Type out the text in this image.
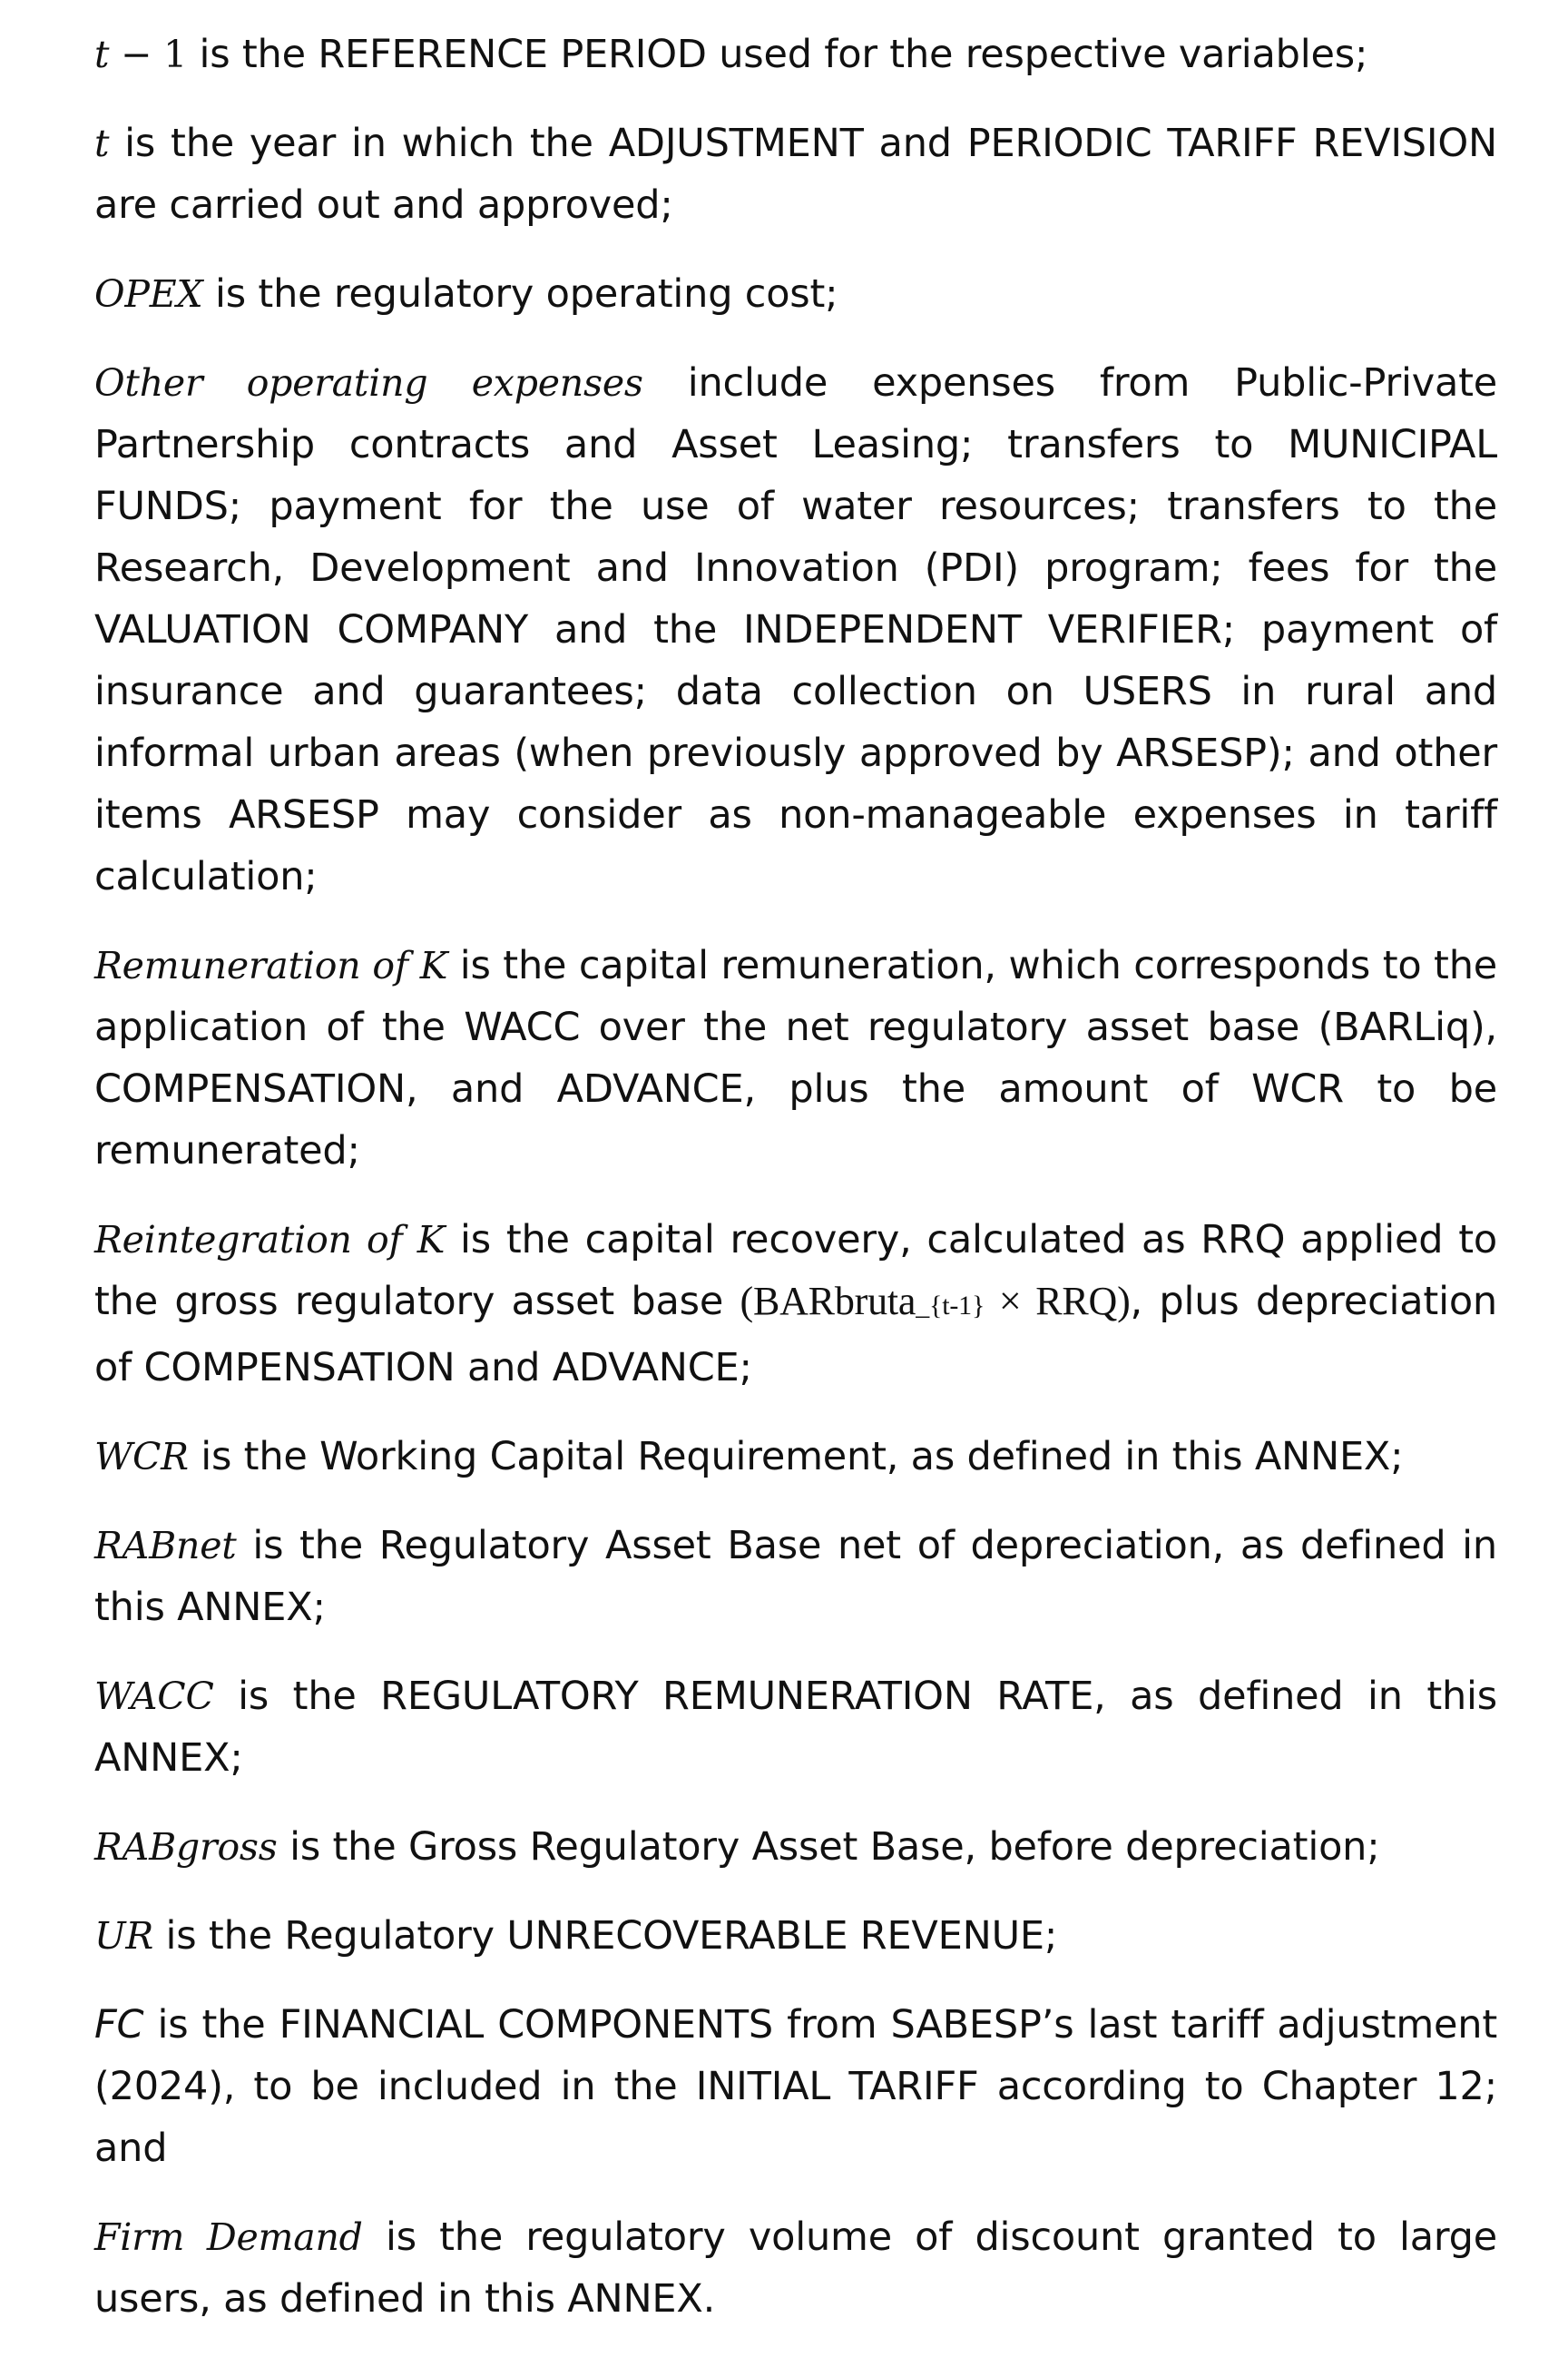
t − 1 is the REFERENCE PERIOD used for the respective variables;

t is the year in which the ADJUSTMENT and PERIODIC TARIFF REVISION are carried out and approved;

OPEX is the regulatory operating cost;

Other operating expenses include expenses from Public-Private Partnership contracts and Asset Leasing; transfers to MUNICIPAL FUNDS; payment for the use of water resources; transfers to the Research, Development and Innovation (PDI) program; fees for the VALUATION COMPANY and the INDEPENDENT VERIFIER; payment of insurance and guarantees; data collection on USERS in rural and informal urban areas (when previously approved by ARSESP); and other items ARSESP may consider as non-manageable expenses in tariff calculation;

Remuneration of K is the capital remuneration, which corresponds to the application of the WACC over the net regulatory asset base (BARLiq), COMPENSATION, and ADVANCE, plus the amount of WCR to be remunerated;

Reintegration of K is the capital recovery, calculated as RRQ applied to the gross regulatory asset base (BARbruta_{t-1} × RRQ), plus depreciation of COMPENSATION and ADVANCE;

WCR is the Working Capital Requirement, as defined in this ANNEX;

RABnet is the Regulatory Asset Base net of depreciation, as defined in this ANNEX;

WACC is the REGULATORY REMUNERATION RATE, as defined in this ANNEX;

RABgross is the Gross Regulatory Asset Base, before depreciation;

UR is the Regulatory UNRECOVERABLE REVENUE;

FC is the FINANCIAL COMPONENTS from SABESP’s last tariff adjustment (2024), to be included in the INITIAL TARIFF according to Chapter 12; and

Firm Demand is the regulatory volume of discount granted to large users, as defined in this ANNEX.
